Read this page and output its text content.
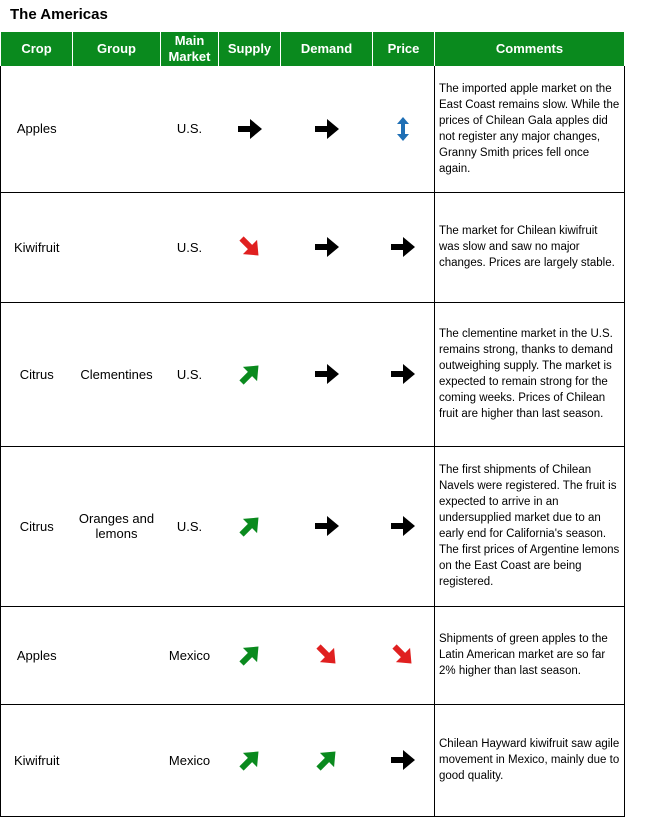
The Americas
Crop	Group	Main Market	Supply	Demand	Price	Comments
Apples		U.S.				The imported apple market on the East Coast remains slow. While the prices of Chilean Gala apples did not register any major changes, Granny Smith prices fell once again.
Kiwifruit		U.S.				The market for Chilean kiwifruit was slow and saw no major changes. Prices are largely stable.
Citrus	Clementines	U.S.				The clementine market in the U.S. remains strong, thanks to demand outweighing supply. The market is expected to remain strong for the coming weeks. Prices of Chilean fruit are higher than last season.
Citrus	Oranges and lemons	U.S.				The first shipments of Chilean Navels were registered. The fruit is expected to arrive in an undersupplied market due to an early end for California's season. The first prices of Argentine lemons on the East Coast are being registered.
Apples		Mexico				Shipments of green apples to the Latin American market are so far 2% higher than last season.
Kiwifruit		Mexico				Chilean Hayward kiwifruit saw agile movement in Mexico, mainly due to good quality.
